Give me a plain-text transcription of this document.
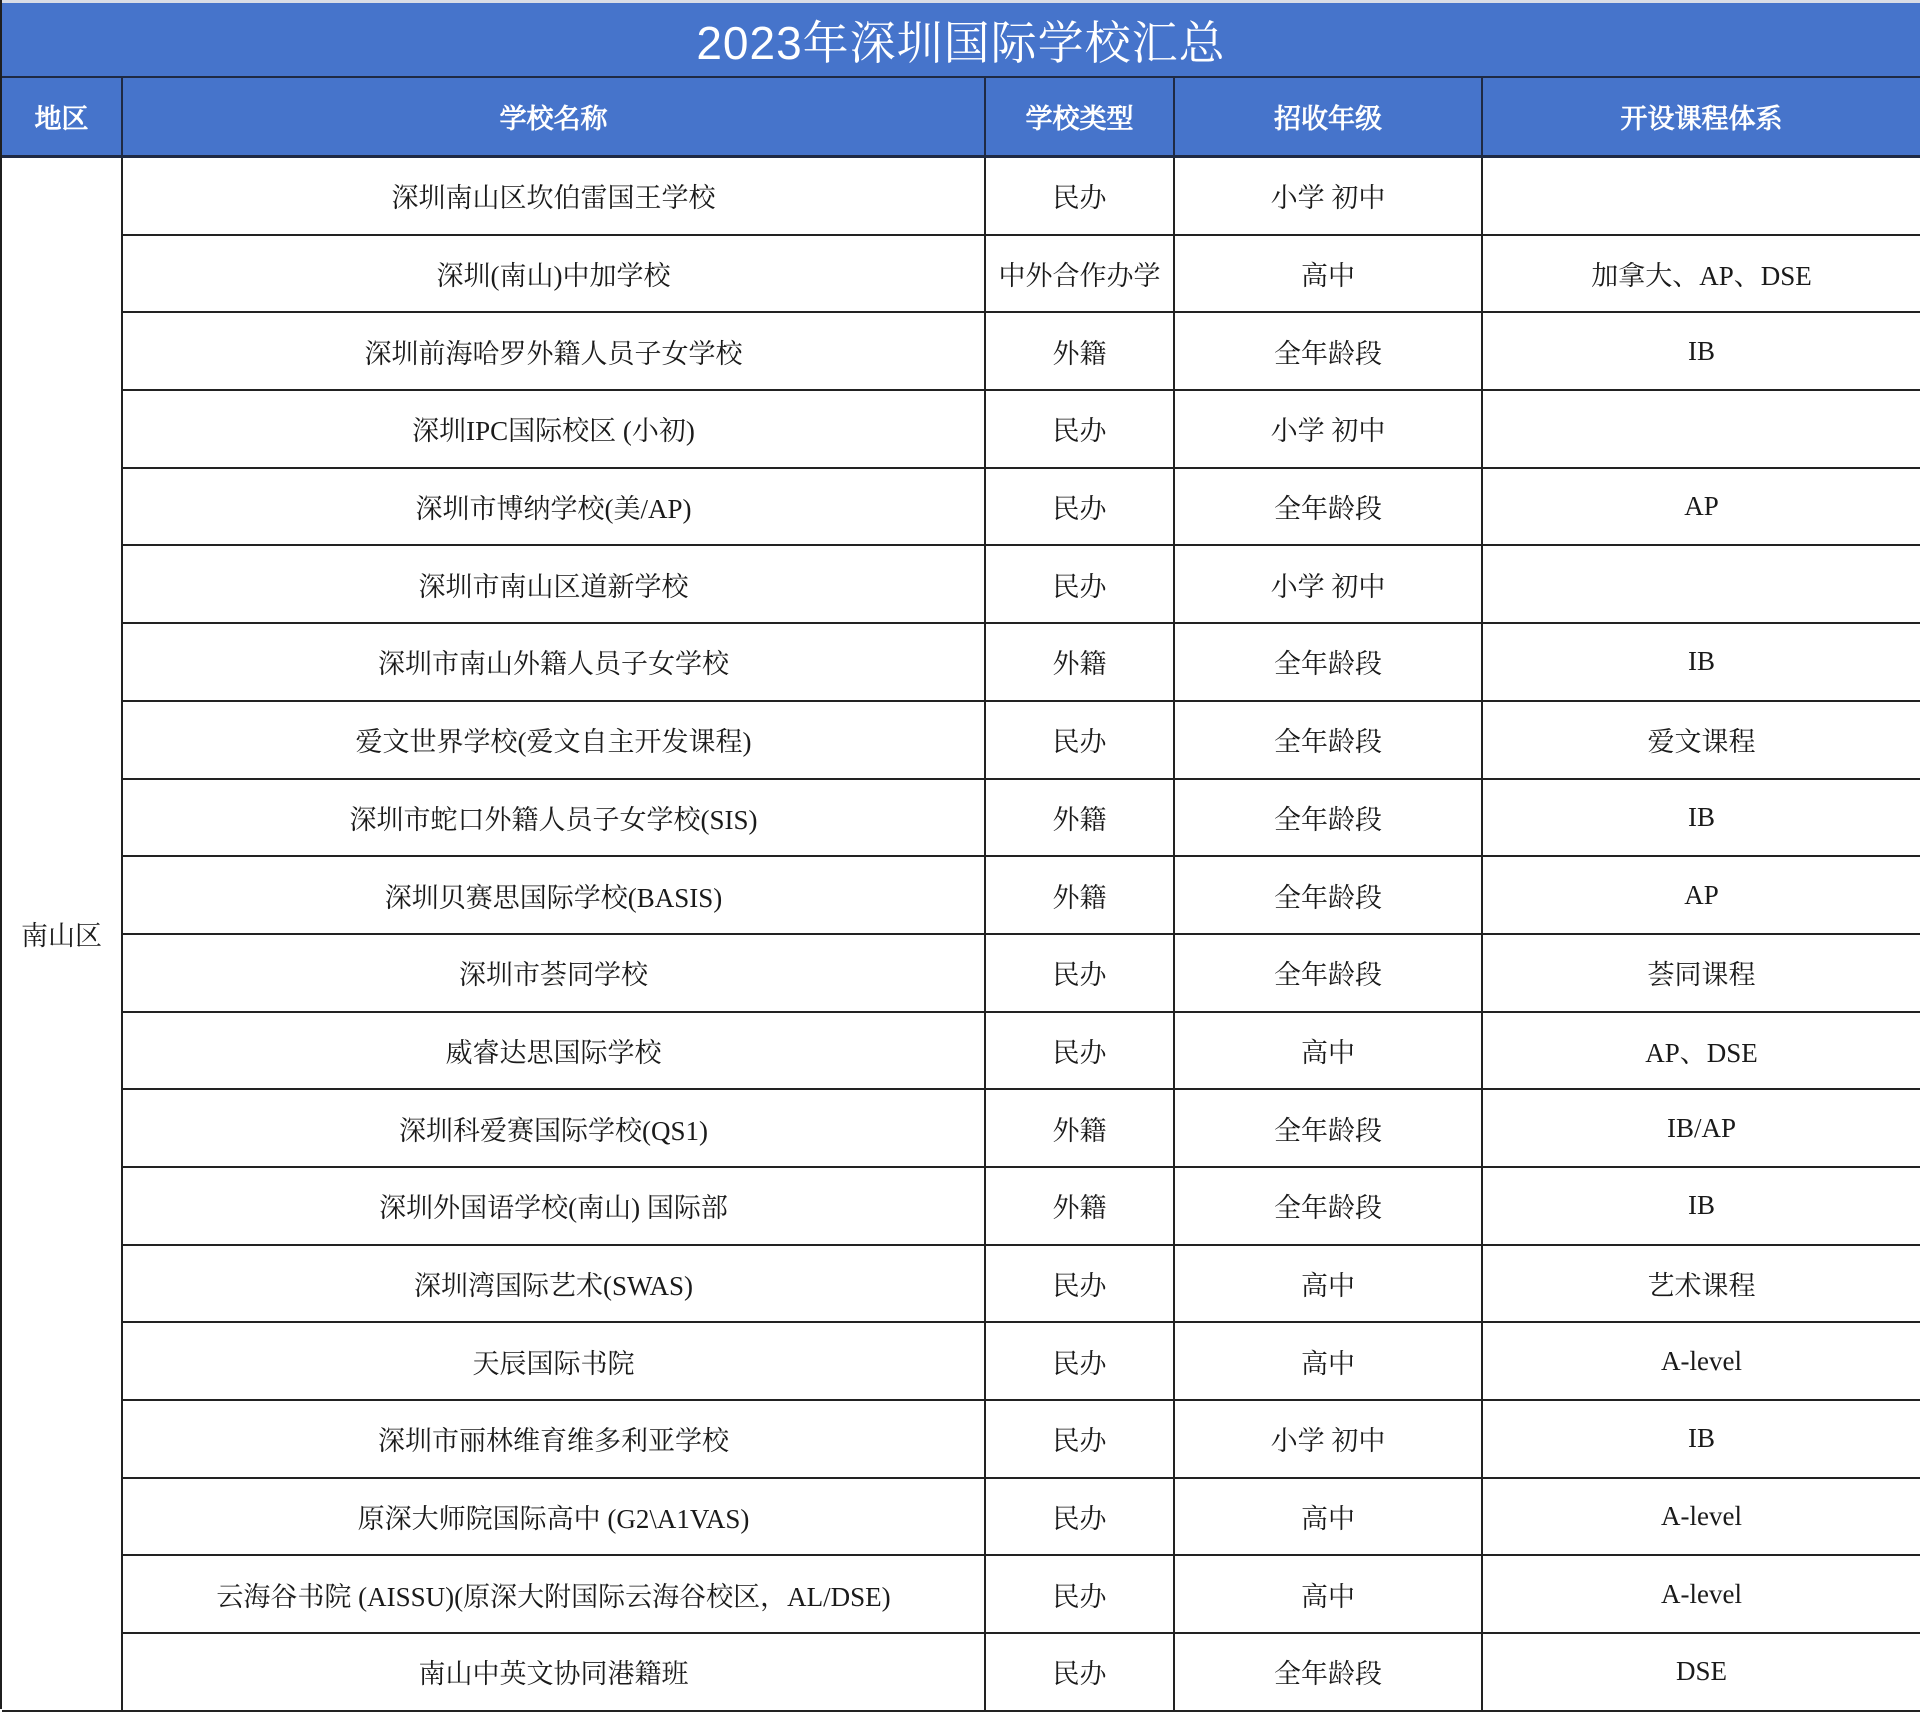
2023年深圳国际学校汇总
地区	学校名称	学校类型	招收年级	开设课程体系
南山区	深圳南山区坎伯雷国王学校	民办	小学 初中	
	深圳(南山)中加学校	中外合作办学	高中	加拿大、AP、DSE
	深圳前海哈罗外籍人员子女学校	外籍	全年龄段	IB
	深圳IPC国际校区 (小初)	民办	小学 初中	
	深圳市博纳学校(美/AP)	民办	全年龄段	AP
	深圳市南山区道新学校	民办	小学 初中	
	深圳市南山外籍人员子女学校	外籍	全年龄段	IB
	爱文世界学校(爱文自主开发课程)	民办	全年龄段	爱文课程
	深圳市蛇口外籍人员子女学校(SIS)	外籍	全年龄段	IB
	深圳贝赛思国际学校(BASIS)	外籍	全年龄段	AP
	深圳市荟同学校	民办	全年龄段	荟同课程
	威睿达思国际学校	民办	高中	AP、DSE
	深圳科爱赛国际学校(QS1)	外籍	全年龄段	IB/AP
	深圳外国语学校(南山) 国际部	外籍	全年龄段	IB
	深圳湾国际艺术(SWAS)	民办	高中	艺术课程
	天辰国际书院	民办	高中	A-level
	深圳市丽林维育维多利亚学校	民办	小学 初中	IB
	原深大师院国际高中 (G2\A1VAS)	民办	高中	A-level
	云海谷书院 (AISSU)(原深大附国际云海谷校区，AL/DSE)	民办	高中	A-level
	南山中英文协同港籍班	民办	全年龄段	DSE
